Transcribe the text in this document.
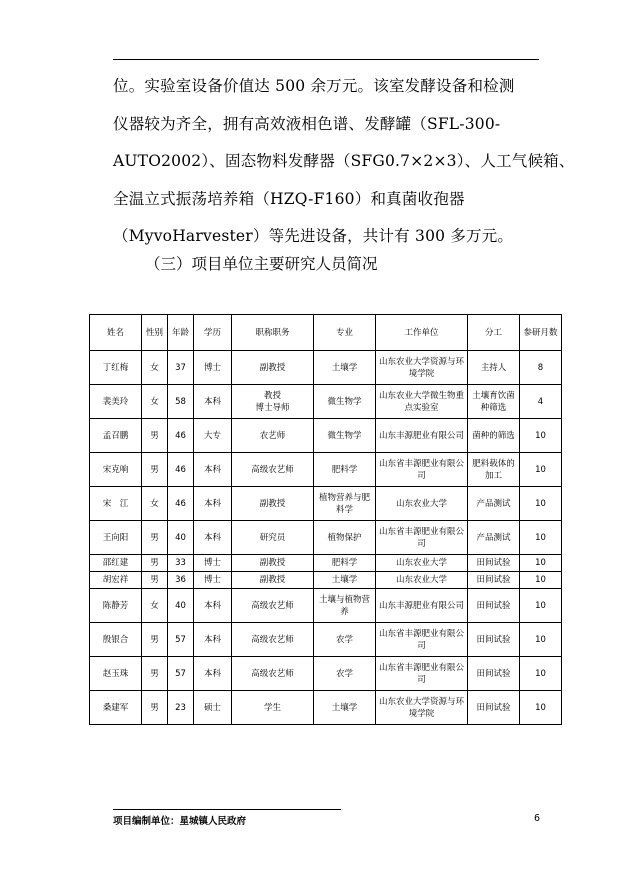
位。实验室设备价值达 500 余万元。该室发酵设备和检测
仪器较为齐全，拥有高效液相色谱、发酵罐（SFL-300-
AUTO2002）、固态物料发酵器（SFG0.7×2×3）、人工气候箱、
全温立式振荡培养箱（HZQ-F160）和真菌收孢器
（MyvoHarvester）等先进设备，共计有 300 多万元。
（三）项目单位主要研究人员简况
姓名	性别	年龄	学历	职称职务	专业	工作单位	分工	参研月数
丁红梅	女	37	博士	副教授	土壤学	山东农业大学资源与环境学院	主持人	8
裴美玲	女	58	本科	教授
博士导师	微生物学	山东农业大学微生物重点实验室	土壤育饮菌种筛选	4
孟召鹏	男	46	大专	农艺师	微生物学	山东丰源肥业有限公司	菌种的筛选	10
宋克响	男	46	本科	高级农艺师	肥料学	山东省丰源肥业有限公司	肥料载体的加工	10
宋　江	女	46	本科	副教授	植物营养与肥料学	山东农业大学	产品测试	10
王向阳	男	40	本科	研究员	植物保护	山东省丰源肥业有限公司	产品测试	10
邵红建	男	33	博士	副教授	肥料学	山东农业大学	田间试验	10
胡宏祥	男	36	博士	副教授	土壤学	山东农业大学	田间试验	10
陈静芳	女	40	本科	高级农艺师	土壤与植物营养	山东丰源肥业有限公司	田间试验	10
殷银合	男	57	本科	高级农艺师	农学	山东省丰源肥业有限公司	田间试验	10
赵玉珠	男	57	本科	高级农艺师	农学	山东省丰源肥业有限公司	田间试验	10
桑建军	男	23	硕士	学生	土壤学	山东农业大学资源与环境学院	田间试验	10
项目编制单位：星城镇人民政府	6
